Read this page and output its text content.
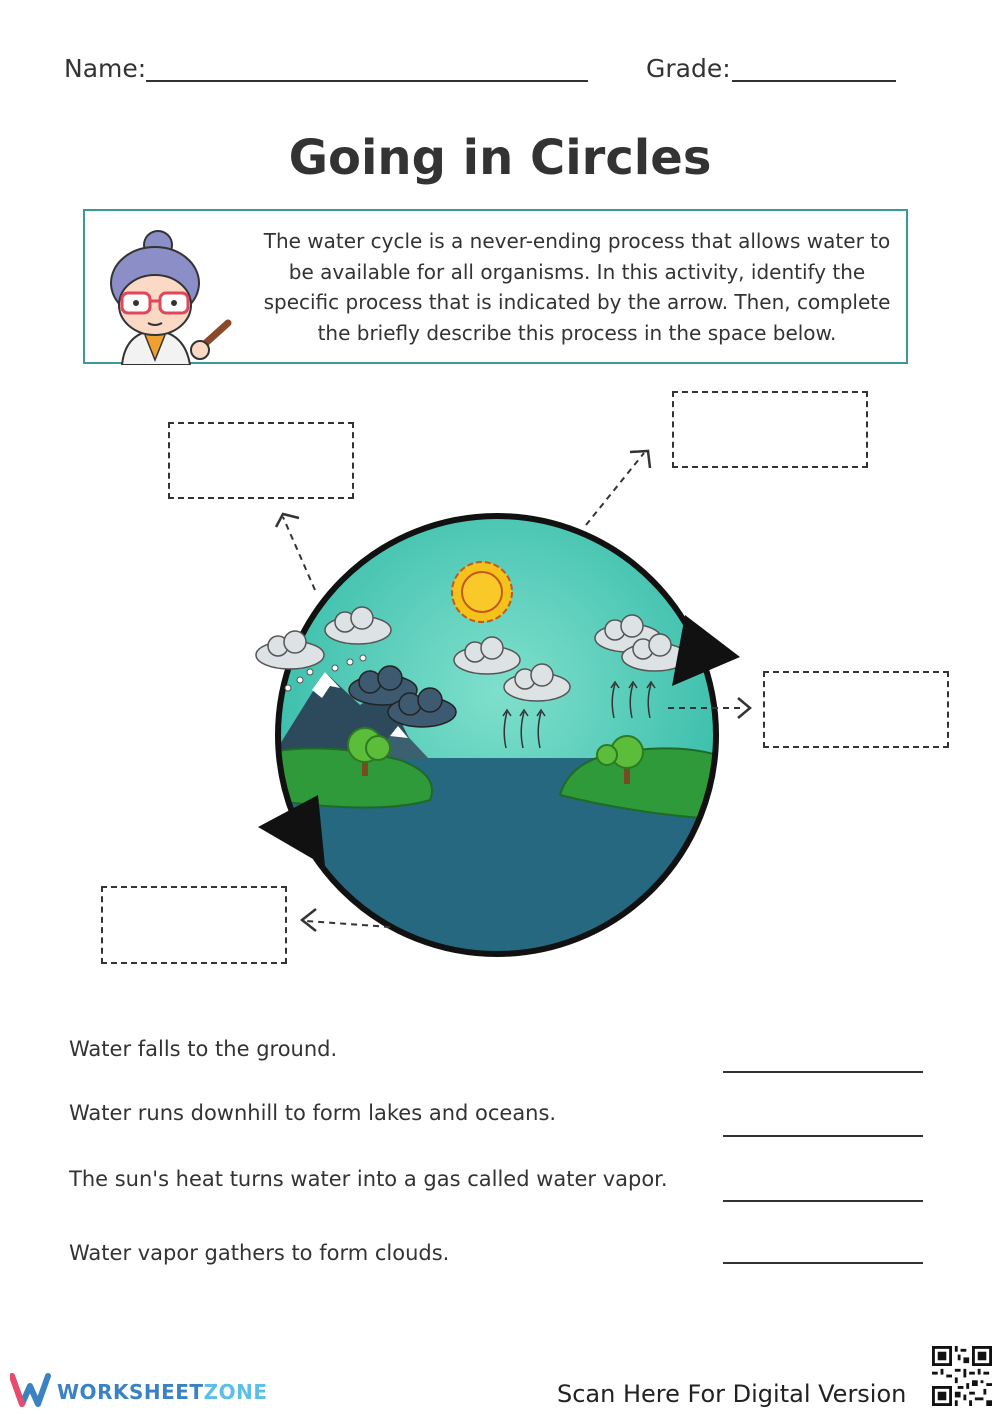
Name:	Grade:
Going in Circles
The water cycle is a never-ending process that allows water to be available for all organisms. In this activity, identify the specific process that is indicated by the arrow. Then, complete the briefly describe this process in the space below.
Water falls to the ground.
Water runs downhill to form lakes and oceans.
The sun's heat turns water into a gas called water vapor.
Water vapor gathers to form clouds.
WORKSHEETZONE	Scan Here For Digital Version
